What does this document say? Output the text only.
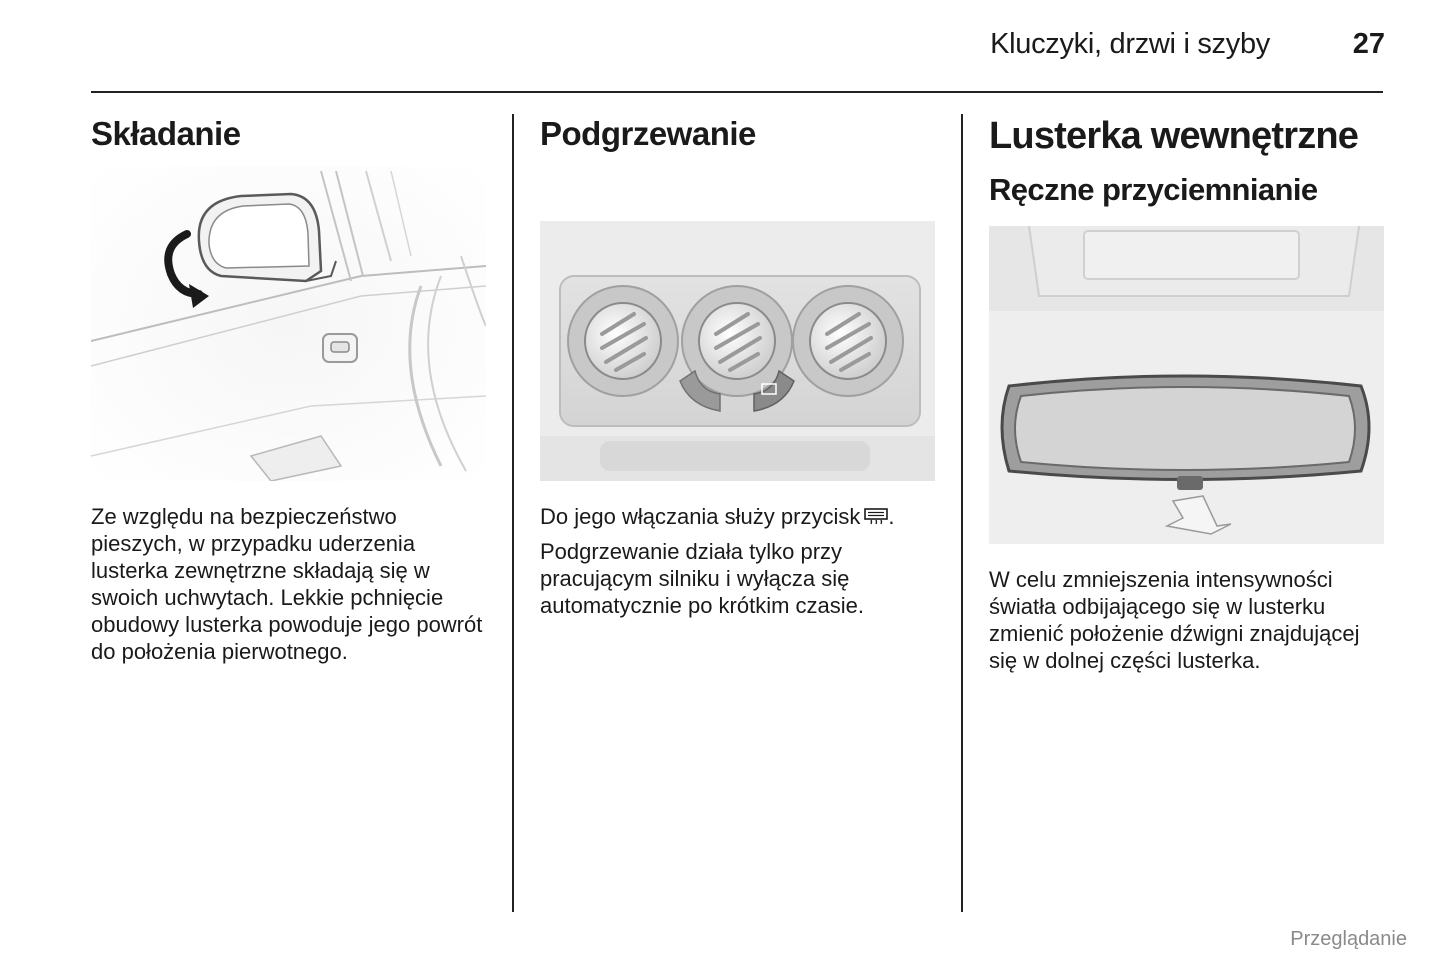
Kluczyki, drzwi i szyby	27
Składanie

Ze względu na bezpieczeństwo pieszych, w przypadku uderzenia lusterka zewnętrzne składają się w swoich uchwytach. Lekkie pchnięcie obudowy lusterka powoduje jego powrót do położenia pierwotnego.

Podgrzewanie

Do jego włączania służy przycisk .

Podgrzewanie działa tylko przy pracującym silniku i wyłącza się automatycznie po krótkim czasie.

Lusterka wewnętrzne
Ręczne przyciemnianie

W celu zmniejszenia intensywności światła odbijającego się w lusterku zmienić położenie dźwigni znajdującej się w dolnej części lusterka.

Przeglądanie
